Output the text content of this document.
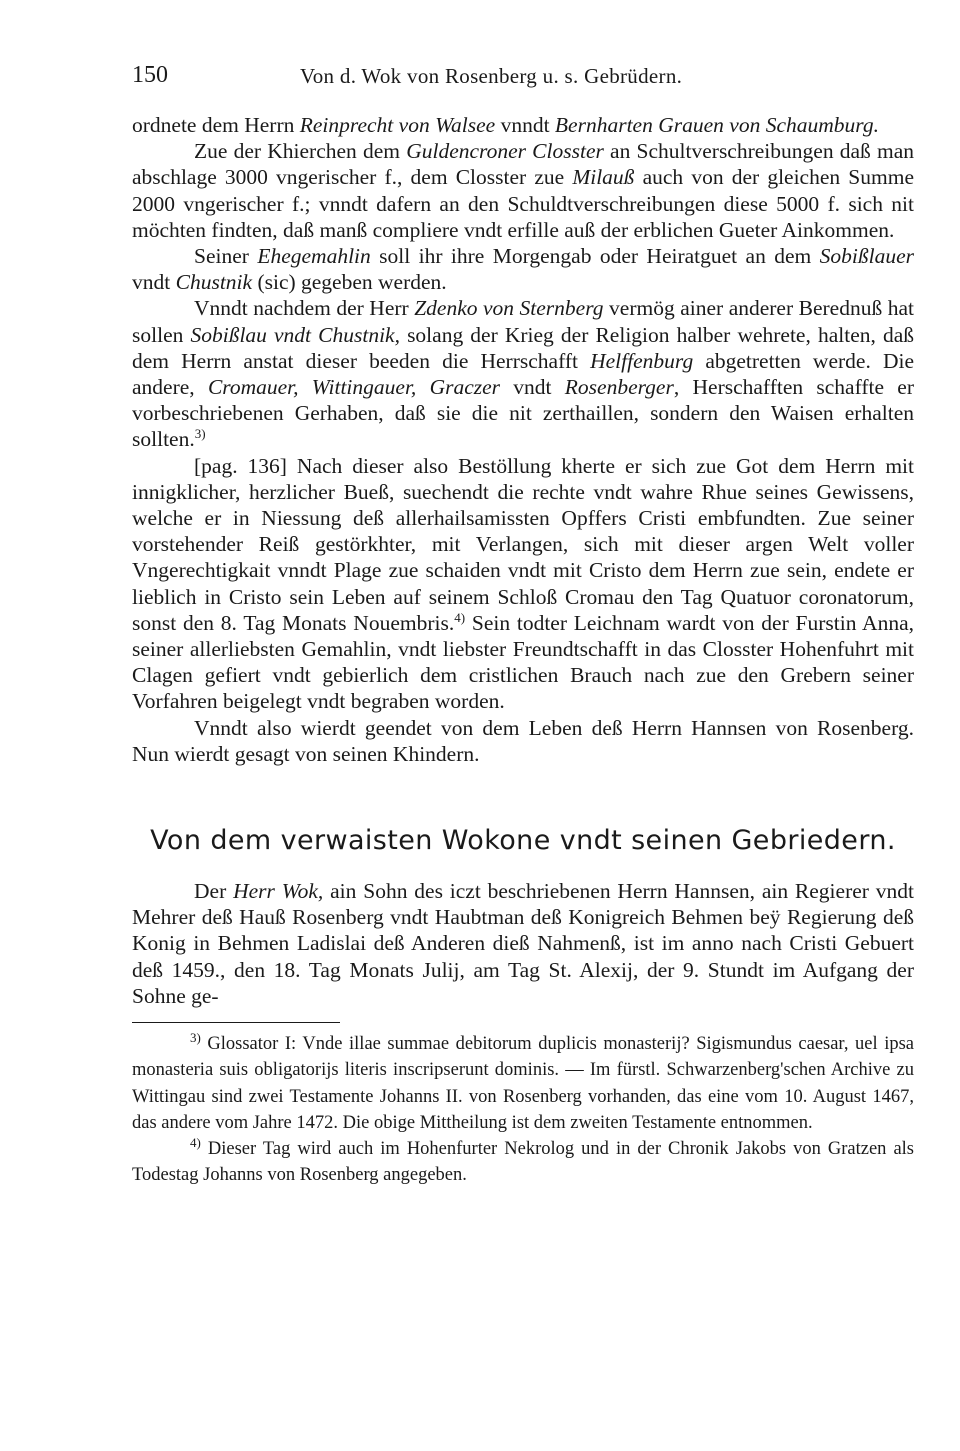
150	Von d. Wok von Rosenberg u. s. Gebrüdern.

ordnete dem Herrn Reinprecht von Walsee vnndt Bernharten Grauen von Schaumburg.

Zue der Khierchen dem Guldencroner Closster an Schultverschreibungen daß man abschlage 3000 vngerischer f., dem Closster zue Milauß auch von der gleichen Summe 2000 vngerischer f.; vnndt dafern an den Schuldtverschreibungen diese 5000 f. sich nit möchten findten, daß manß compliere vndt erfille auß der erblichen Gueter Ainkommen.

Seiner Ehegemahlin soll ihr ihre Morgengab oder Heiratguet an dem Sobißlauer vndt Chustnik (sic) gegeben werden.

Vnndt nachdem der Herr Zdenko von Sternberg vermög ainer anderer Berednuß hat sollen Sobißlau vndt Chustnik, solang der Krieg der Religion halber wehrete, halten, daß dem Herrn anstat dieser beeden die Herrschafft Helffenburg abgetretten werde. Die andere, Cromauer, Wittingauer, Graczer vndt Rosenberger, Herschafften schaffte er vorbeschriebenen Gerhaben, daß sie die nit zerthaillen, sondern den Waisen erhalten sollten.$^{3)}$

[pag. 136] Nach dieser also Bestöllung kherte er sich zue Got dem Herrn mit innigklicher, herzlicher Bueß, suechendt die rechte vndt wahre Rhue seines Gewissens, welche er in Niessung deß allerhailsamissten Opffers Cristi embfundten. Zue seiner vorstehender Reiß gestörkhter, mit Verlangen, sich mit dieser argen Welt voller Vngerechtigkait vnndt Plage zue schaiden vndt mit Cristo dem Herrn zue sein, endete er lieblich in Cristo sein Leben auf seinem Schloß Cromau den Tag Quatuor coronatorum, sonst den 8. Tag Monats Nouembris.$^{4)}$ Sein todter Leichnam wardt von der Furstin Anna, seiner allerliebsten Gemahlin, vndt liebster Freundtschafft in das Closster Hohenfuhrt mit Clagen gefiert vndt gebierlich dem cristlichen Brauch nach zue den Grebern seiner Vorfahren beigelegt vndt begraben worden.

Vnndt also wierdt geendet von dem Leben deß Herrn Hannsen von Rosenberg. Nun wierdt gesagt von seinen Khindern.

Von dem verwaisten Wokone vndt seinen Gebriedern.

Der Herr Wok, ain Sohn des iczt beschriebenen Herrn Hannsen, ain Regierer vndt Mehrer deß Hauß Rosenberg vndt Haubtman deß Konigreich Behmen beÿ Regierung deß Konig in Behmen Ladislai deß Anderen dieß Nahmenß, ist im anno nach Cristi Gebuert deß 1459., den 18. Tag Monats Julij, am Tag St. Alexij, der 9. Stundt im Aufgang der Sohne ge-

$^{3)}$ Glossator I: Vnde illae summae debitorum duplicis monasterij? Sigismundus caesar, uel ipsa monasteria suis obligatorijs literis inscripserunt dominis. — Im fürstl. Schwarzenberg'schen Archive zu Wittingau sind zwei Testamente Johanns II. von Rosenberg vorhanden, das eine vom 10. August 1467, das andere vom Jahre 1472. Die obige Mittheilung ist dem zweiten Testamente entnommen.

$^{4)}$ Dieser Tag wird auch im Hohenfurter Nekrolog und in der Chronik Jakobs von Gratzen als Todestag Johanns von Rosenberg angegeben.
